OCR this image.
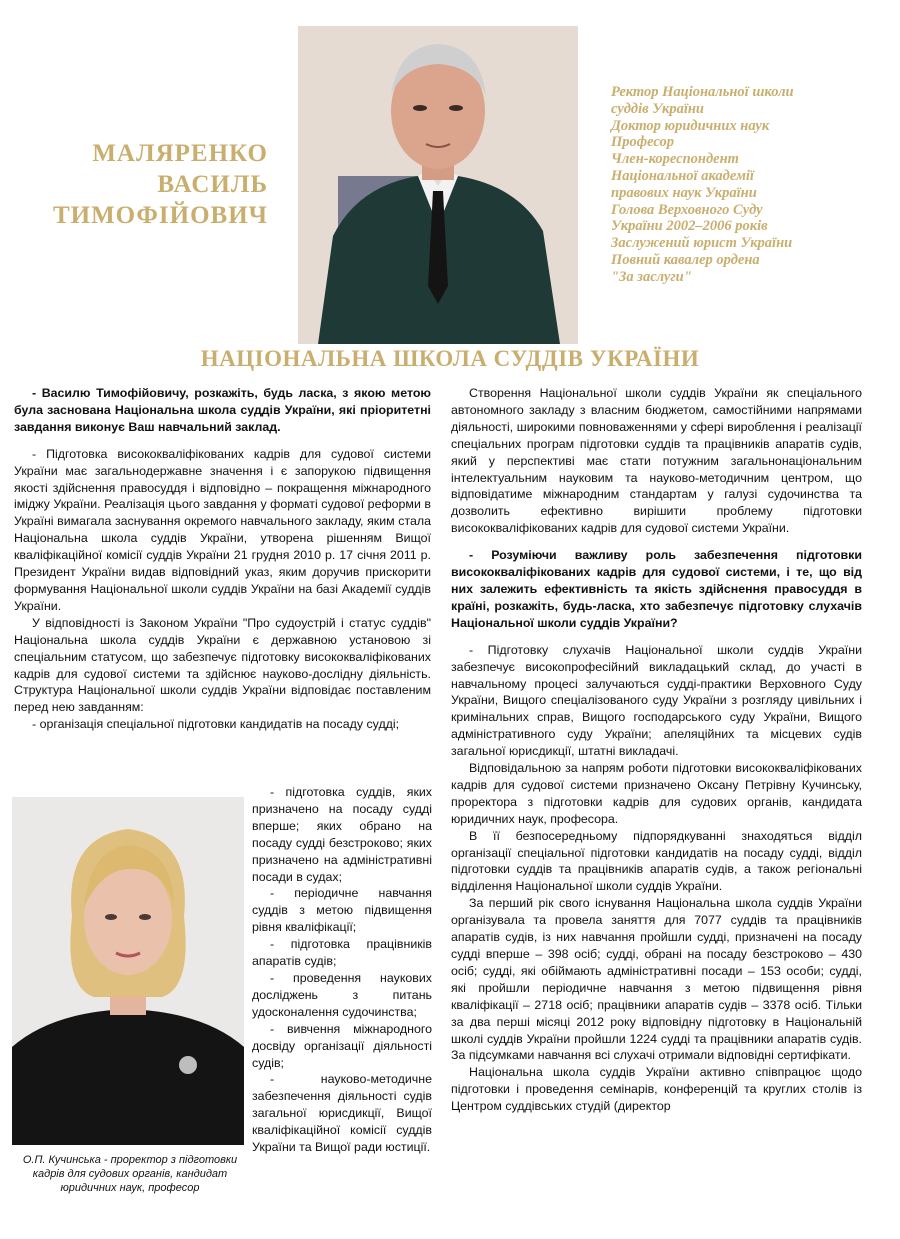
МАЛЯРЕНКО
ВАСИЛЬ
ТИМОФІЙОВИЧ
Ректор Національної школи
суддів України
Доктор юридичних наук
Професор
Член-кореспондент
Національної академії
правових наук України
Голова Верховного Суду
України 2002–2006 років
Заслужений юрист України
Повний кавалер ордена
"За заслуги"
НАЦІОНАЛЬНА ШКОЛА СУДДІВ УКРАЇНИ

- Василю Тимофійовичу, розкажіть, будь ласка, з якою метою була заснована Національна школа суддів України, які пріоритетні завдання виконує Ваш навчальний заклад.

- Підготовка висококваліфікованих кадрів для судової системи України має загальнодержавне значення і є запорукою підвищення якості здійснення правосуддя і відповідно – покращення міжнародного іміджу України. Реалізація цього завдання у форматі судової реформи в Україні вимагала заснування окремого навчального закладу, яким стала Національна школа суддів України, утворена рішенням Вищої кваліфікаційної комісії суддів України 21 грудня 2010 р. 17 січня 2011 р. Президент України видав відповідний указ, яким доручив прискорити формування Національної школи суддів України на базі Академії суддів України.

У відповідності із Законом України "Про судоустрій і статус суддів" Національна школа суддів України є державною установою зі спеціальним статусом, що забезпечує підготовку висококваліфікованих кадрів для судової системи та здійснює науково-дослідну діяльність. Структура Національної школи суддів України відповідає поставленим перед нею завданням:

- організація спеціальної підготовки кандидатів на посаду судді;

- підготовка суддів, яких призначено на посаду судді вперше; яких обрано на посаду судді безстроково; яких призначено на адміністративні посади в судах;

- періодичне навчання суддів з метою підвищення рівня кваліфікації;

- підготовка працівників апаратів судів;

- проведення наукових досліджень з питань удосконалення судочинства;

- вивчення міжнародного досвіду організації діяльності судів;

- науково-методичне забезпечення діяльності судів загальної юрисдикції, Вищої кваліфікаційної комісії суддів України та Вищої ради юстиції.

О.П. Кучинська - проректор з підготовки кадрів для судових органів, кандидат юридичних наук, професор

Створення Національної школи суддів України як спеціального автономного закладу з власним бюджетом, самостійними напрямами діяльності, широкими повноваженнями у сфері вироблення і реалізації спеціальних програм підготовки суддів та працівників апаратів судів, який у перспективі має стати потужним загальнонаціональним інтелектуальним науковим та науково-методичним центром, що відповідатиме міжнародним стандартам у галузі судочинства та дозволить ефективно вирішити проблему підготовки висококваліфікованих кадрів для судової системи України.

- Розуміючи важливу роль забезпечення підготовки висококваліфікованих кадрів для судової системи, і те, що від них залежить ефективність та якість здійснення правосуддя в країні, розкажіть, будь-ласка, хто забезпечує підготовку слухачів Національної школи суддів України?

- Підготовку слухачів Національної школи суддів України забезпечує високопрофесійний викладацький склад, до участі в навчальному процесі залучаються судді-практики Верховного Суду України, Вищого спеціалізованого суду України з розгляду цивільних і кримінальних справ, Вищого господарського суду України, Вищого адміністративного суду України; апеляційних та місцевих судів загальної юрисдикції, штатні викладачі.

Відповідальною за напрям роботи підготовки висококваліфікованих кадрів для судової системи призначено Оксану Петрівну Кучинську, проректора з підготовки кадрів для судових органів, кандидата юридичних наук, професора.

В її безпосередньому підпорядкуванні знаходяться відділ організації спеціальної підготовки кандидатів на посаду судді, відділ підготовки суддів та працівників апаратів судів, а також регіональні відділення Національної школи суддів України.

За перший рік свого існування Національна школа суддів України організувала та провела заняття для 7077 суддів та працівників апаратів судів, із них навчання пройшли судді, призначені на посаду судді вперше – 398 осіб; судді, обрані на посаду безстроково – 430 осіб; судді, які обіймають адміністративні посади – 153 особи; судді, які пройшли періодичне навчання з метою підвищення рівня кваліфікації – 2718 осіб; працівники апаратів судів – 3378 осіб. Тільки за два перші місяці 2012 року відповідну підготовку в Національній школі суддів України пройшли 1224 судді та працівники апаратів судів. За підсумками навчання всі слухачі отримали відповідні сертифікати.

Національна школа суддів України активно співпрацює щодо підготовки і проведення семінарів, конференцій та круглих столів із Центром суддівських студій (директор
